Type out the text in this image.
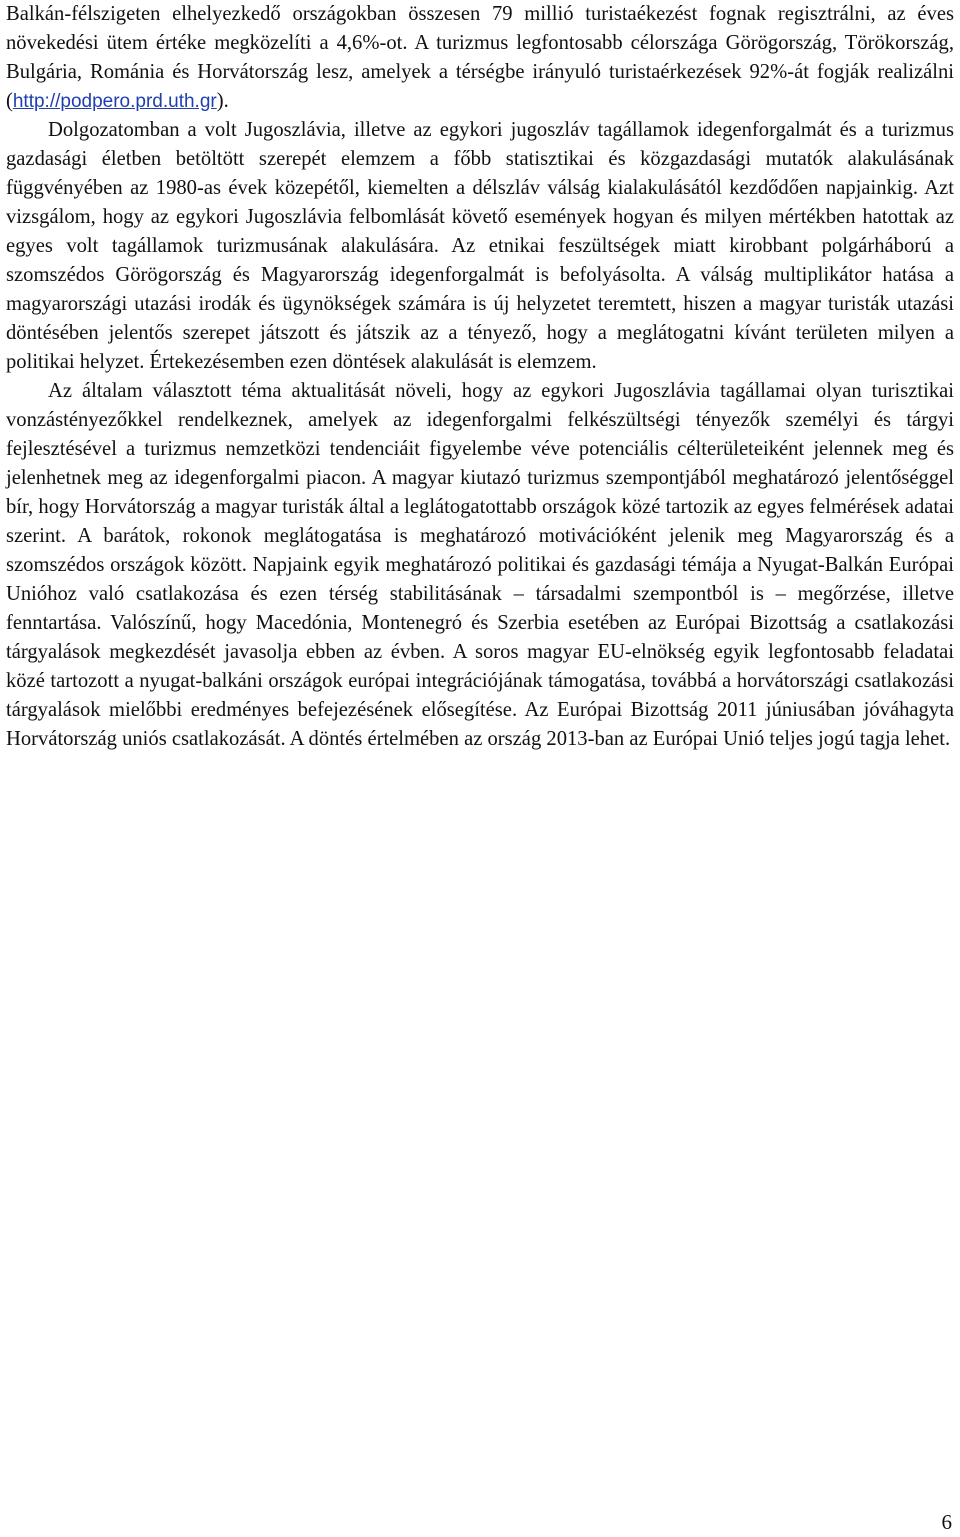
Balkán-félszigeten elhelyezkedő országokban összesen 79 millió turistaékezést fognak regisztrálni, az éves növekedési ütem értéke megközelíti a 4,6%-ot. A turizmus legfontosabb célországa Görögország, Törökország, Bulgária, Románia és Horvátország lesz, amelyek a térségbe irányuló turistaérkezések 92%-át fogják realizálni (http://podpero.prd.uth.gr).

Dolgozatomban a volt Jugoszlávia, illetve az egykori jugoszláv tagállamok idegenforgalmát és a turizmus gazdasági életben betöltött szerepét elemzem a főbb statisztikai és közgazdasági mutatók alakulásának függvényében az 1980-as évek közepétől, kiemelten a délszláv válság kialakulásától kezdődően napjainkig. Azt vizsgálom, hogy az egykori Jugoszlávia felbomlását követő események hogyan és milyen mértékben hatottak az egyes volt tagállamok turizmusának alakulására. Az etnikai feszültségek miatt kirobbant polgárháború a szomszédos Görögország és Magyarország idegenforgalmát is befolyásolta. A válság multiplikátor hatása a magyarországi utazási irodák és ügynökségek számára is új helyzetet teremtett, hiszen a magyar turisták utazási döntésében jelentős szerepet játszott és játszik az a tényező, hogy a meglátogatni kívánt területen milyen a politikai helyzet. Értekezésemben ezen döntések alakulását is elemzem.

Az általam választott téma aktualitását növeli, hogy az egykori Jugoszlávia tagállamai olyan turisztikai vonzástényezőkkel rendelkeznek, amelyek az idegenforgalmi felkészültségi tényezők személyi és tárgyi fejlesztésével a turizmus nemzetközi tendenciáit figyelembe véve potenciális célterületeiként jelennek meg és jelenhetnek meg az idegenforgalmi piacon. A magyar kiutazó turizmus szempontjából meghatározó jelentőséggel bír, hogy Horvátország a magyar turisták által a leglátogatottabb országok közé tartozik az egyes felmérések adatai szerint. A barátok, rokonok meglátogatása is meghatározó motivációként jelenik meg Magyarország és a szomszédos országok között. Napjaink egyik meghatározó politikai és gazdasági témája a Nyugat-Balkán Európai Unióhoz való csatlakozása és ezen térség stabilitásának – társadalmi szempontból is – megőrzése, illetve fenntartása. Valószínű, hogy Macedónia, Montenegró és Szerbia esetében az Európai Bizottság a csatlakozási tárgyalások megkezdését javasolja ebben az évben. A soros magyar EU-elnökség egyik legfontosabb feladatai közé tartozott a nyugat-balkáni országok európai integrációjának támogatása, továbbá a horvátországi csatlakozási tárgyalások mielőbbi eredményes befejezésének elősegítése. Az Európai Bizottság 2011 júniusában jóváhagyta Horvátország uniós csatlakozását. A döntés értelmében az ország 2013-ban az Európai Unió teljes jogú tagja lehet.

6
